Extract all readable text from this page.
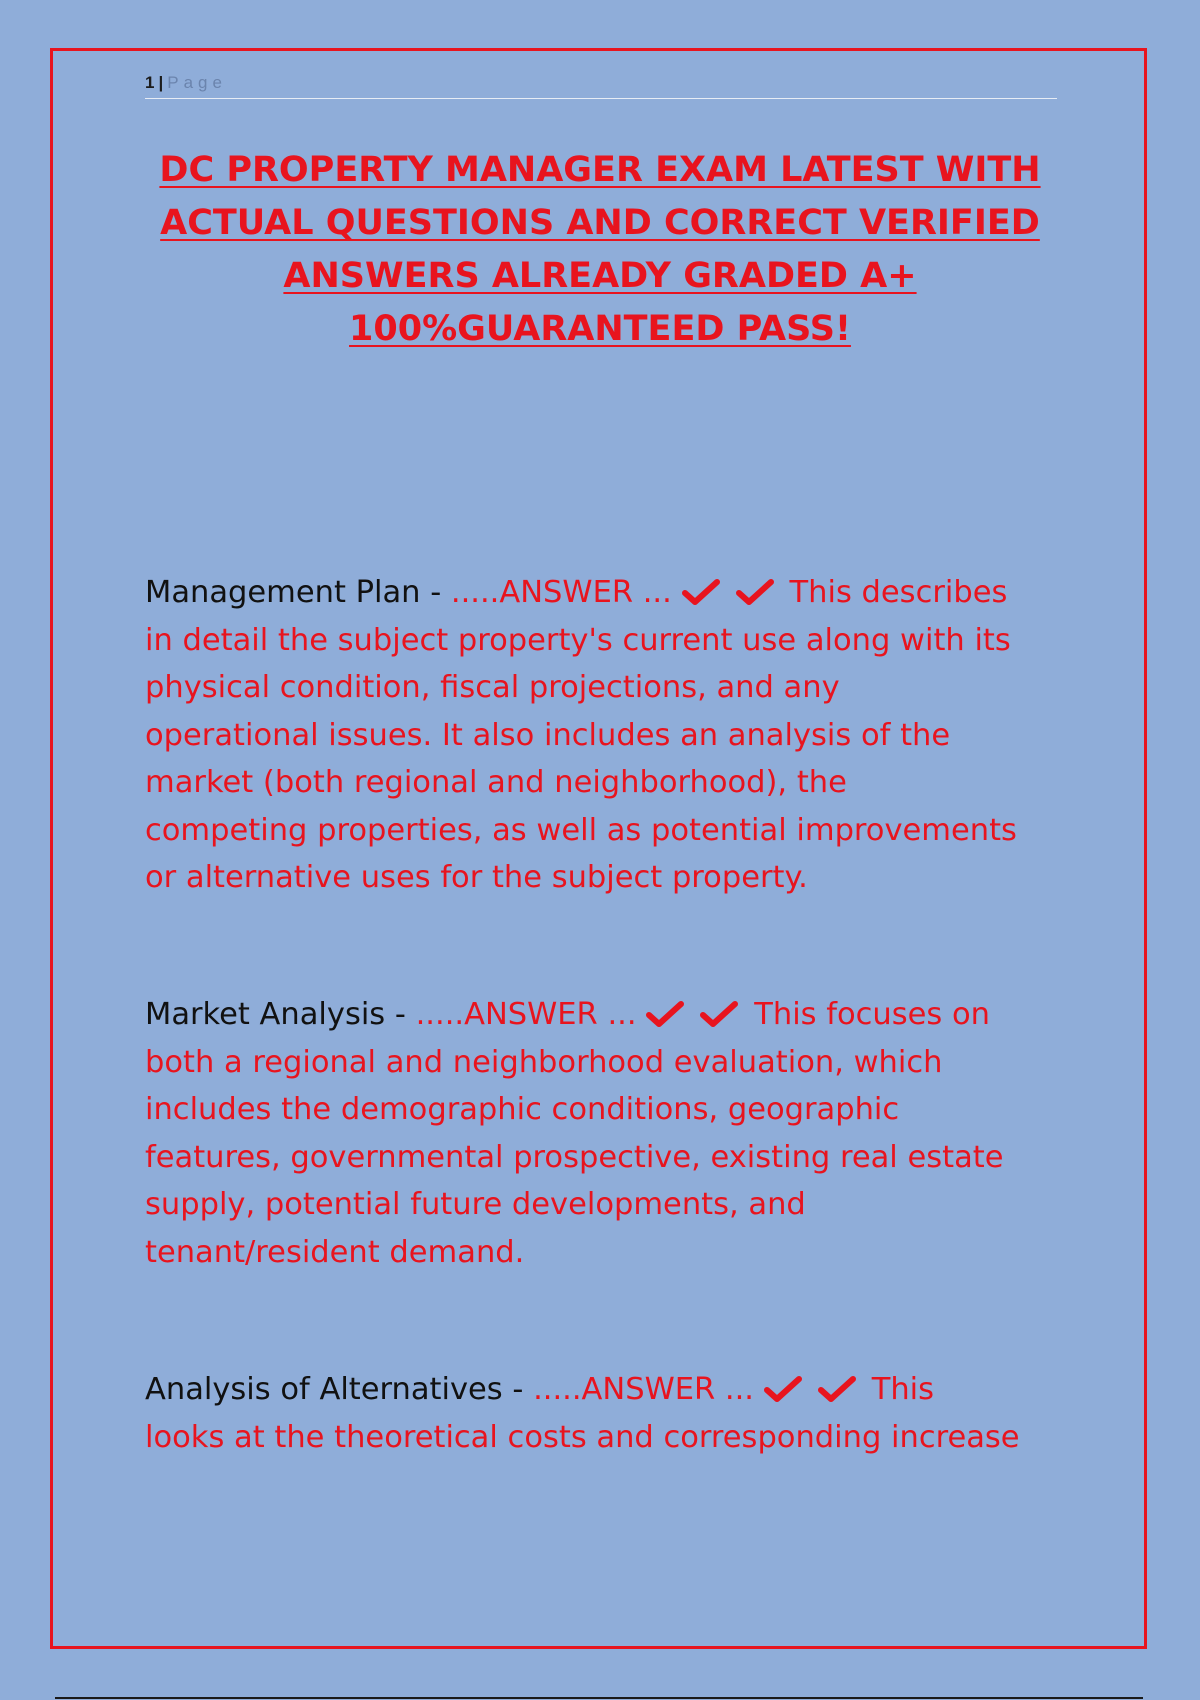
1 | Page
DC PROPERTY MANAGER EXAM LATEST WITH
ACTUAL QUESTIONS AND CORRECT VERIFIED
ANSWERS ALREADY GRADED A+
100%GUARANTEED PASS!
Management Plan - .....ANSWER ...	This describes
in detail the subject property's current use along with its
physical condition, fiscal projections, and any
operational issues. It also includes an analysis of the
market (both regional and neighborhood), the
competing properties, as well as potential improvements
or alternative uses for the subject property.
Market Analysis - .....ANSWER ...	This focuses on
both a regional and neighborhood evaluation, which
includes the demographic conditions, geographic
features, governmental prospective, existing real estate
supply, potential future developments, and
tenant/resident demand.
Analysis of Alternatives - .....ANSWER ...	This
looks at the theoretical costs and corresponding increase
